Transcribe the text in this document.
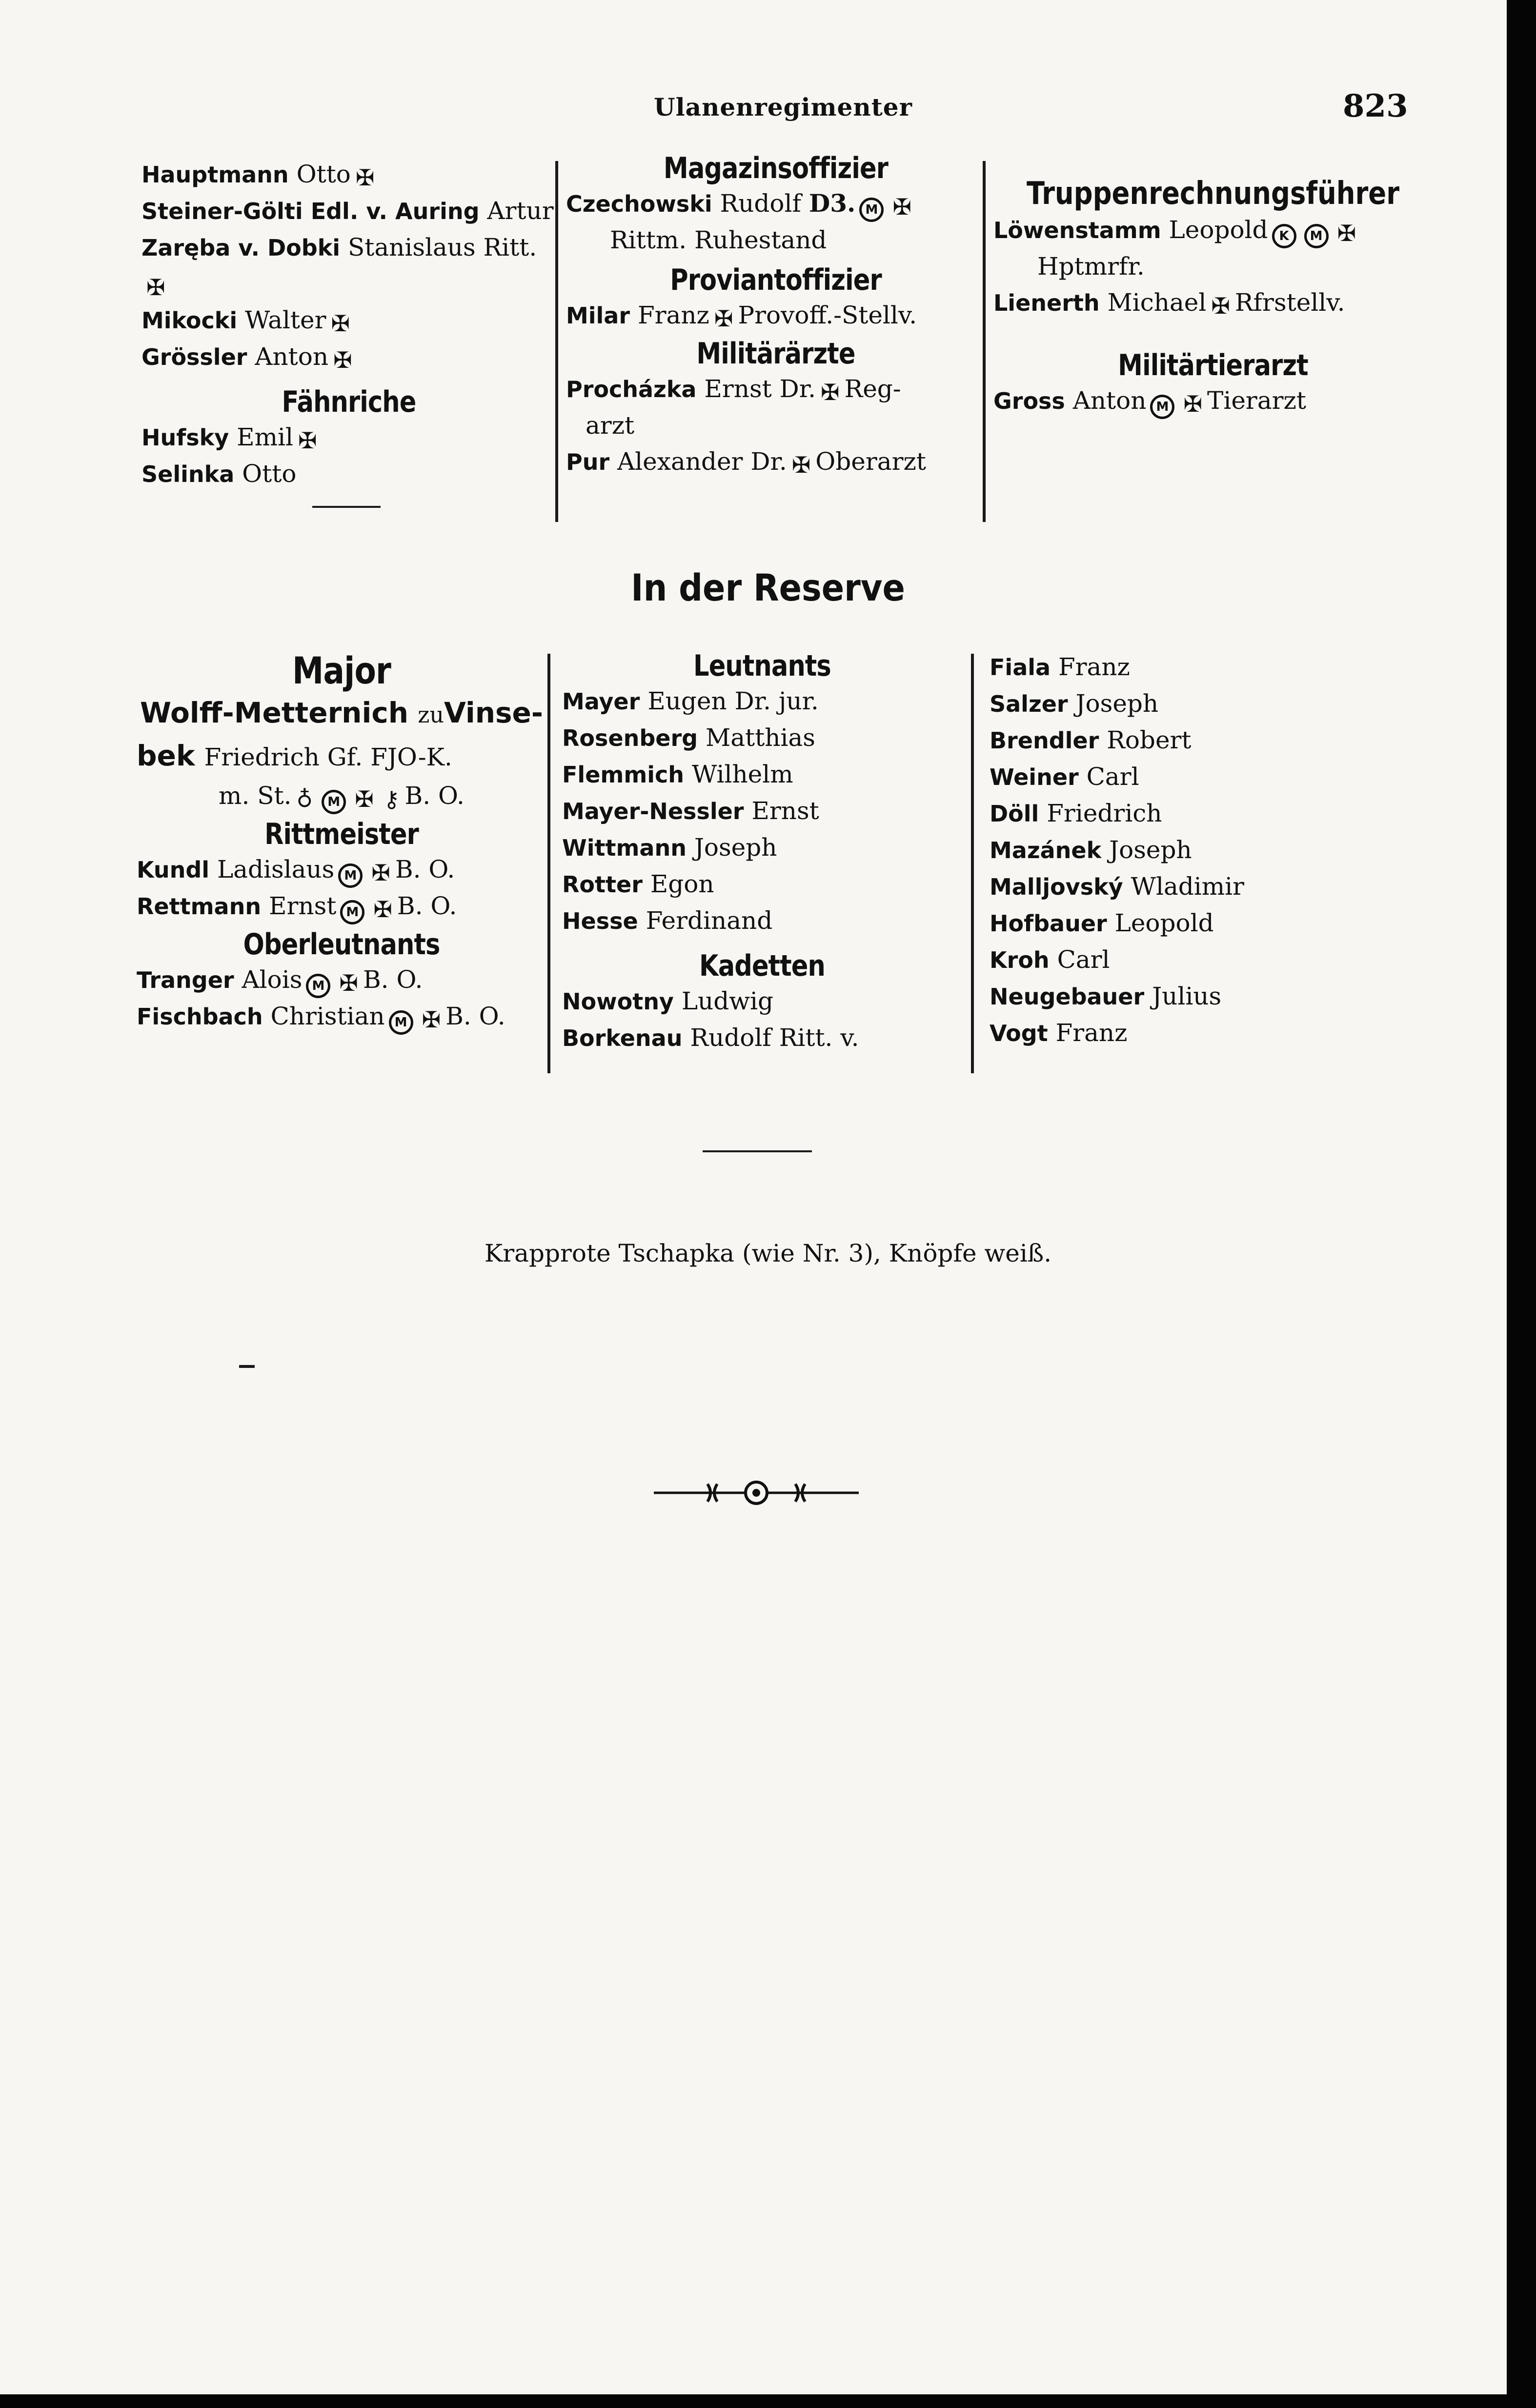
Ulanenregimenter	823
Hauptmann Otto ✠
Steiner-Gölti Edl. v. Auring Artur
Zaręba v. Dobki Stanislaus Ritt.
✠
Mikocki Walter ✠
Grössler Anton ✠
Fähnriche
Hufsky Emil ✠
Selinka Otto
Magazinsoffizier
Czechowski Rudolf D3. M ✠
Rittm. Ruhestand
Proviantoffizier
Milar Franz ✠ Provoff.-Stellv.
Militärärzte
Procházka Ernst Dr. ✠ Reg-
arzt
Pur Alexander Dr. ✠ Oberarzt
Truppenrechnungsführer
Löwenstamm Leopold K M ✠
Hptmrfr.
Lienerth Michael ✠ Rfrstellv.
Militärtierarzt
Gross Anton M ✠ Tierarzt
In der Reserve
Major
Wolff-Metternich zuVinse-
bek Friedrich Gf. FJO-K.
m. St. ♁ M ✠ ⚷ B. O.
Rittmeister
Kundl Ladislaus M ✠ B. O.
Rettmann Ernst M ✠ B. O.
Oberleutnants
Tranger Alois M ✠ B. O.
Fischbach Christian M ✠ B. O.
Leutnants
Mayer Eugen Dr. jur.
Rosenberg Matthias
Flemmich Wilhelm
Mayer-Nessler Ernst
Wittmann Joseph
Rotter Egon
Hesse Ferdinand
Kadetten
Nowotny Ludwig
Borkenau Rudolf Ritt. v.
Fiala Franz
Salzer Joseph
Brendler Robert
Weiner Carl
Döll Friedrich
Mazánek Joseph
Malljovský Wladimir
Hofbauer Leopold
Kroh Carl
Neugebauer Julius
Vogt Franz
Krapprote Tschapka (wie Nr. 3), Knöpfe weiß.
